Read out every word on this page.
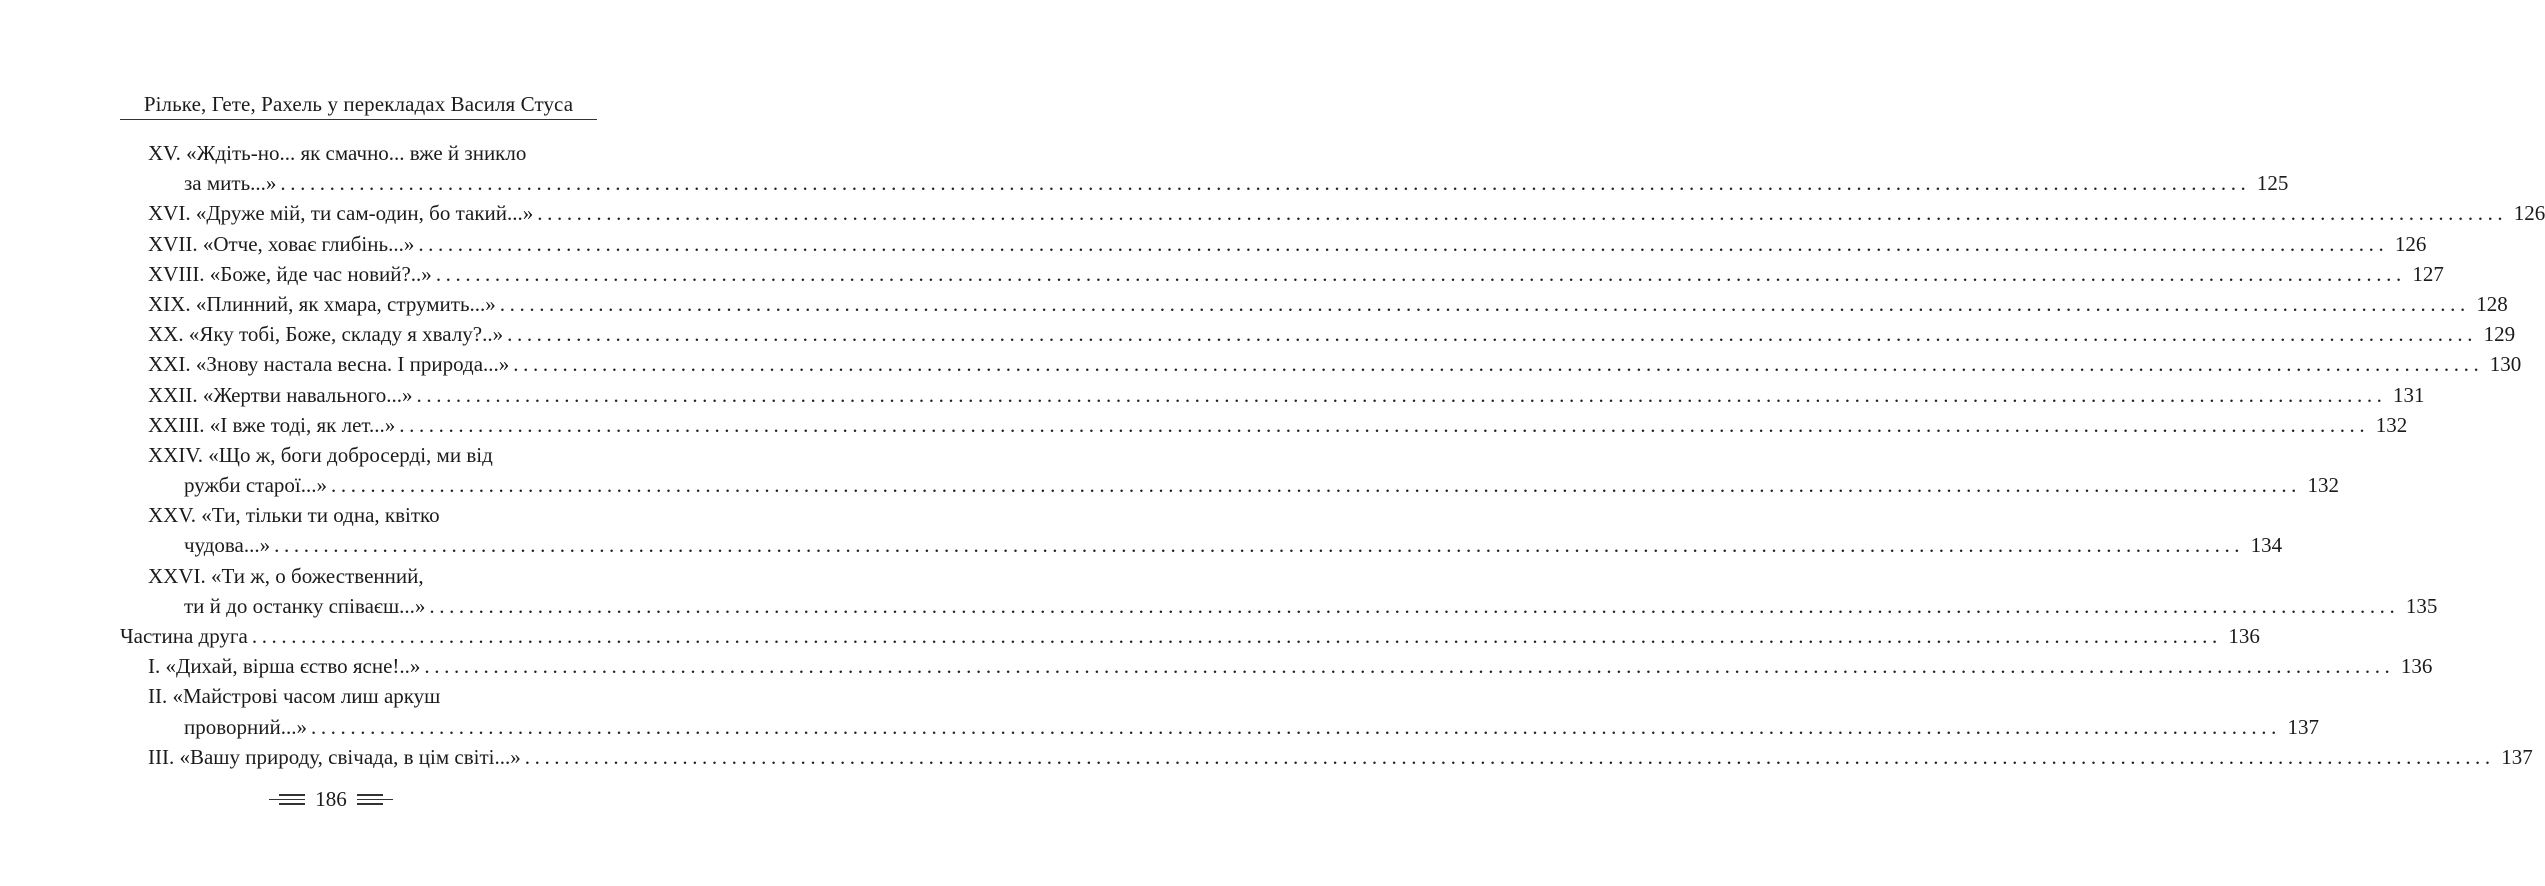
Рільке, Гете, Рахель у перекладах Василя Стуса
XV. «Ждіть-но... як смачно... вже й зникло
за мить...» ........................................................................................................................................................................................................ 125
XVI. «Друже мій, ти сам-один, бо такий...» ........................................................................................................................................................................................................ 126
XVII. «Отче, ховає глибінь...» ........................................................................................................................................................................................................ 126
XVIII. «Боже, йде час новий?..» ........................................................................................................................................................................................................ 127
XIX. «Плинний, як хмара, струмить...» ........................................................................................................................................................................................................ 128
XX. «Яку тобі, Боже, складу я хвалу?..» ........................................................................................................................................................................................................ 129
XXI. «Знову настала весна. І природа...» ........................................................................................................................................................................................................ 130
XXII. «Жертви навального...» ........................................................................................................................................................................................................ 131
XXIII. «І вже тоді, як лет...» ........................................................................................................................................................................................................ 132
XXIV. «Що ж, боги добросерді, ми від
ружби старої...» ........................................................................................................................................................................................................ 132
XXV. «Ти, тільки ти одна, квітко
чудова...» ........................................................................................................................................................................................................ 134
XXVI. «Ти ж, о божественний,
ти й до останку співаєш...» ........................................................................................................................................................................................................ 135
Частина друга ........................................................................................................................................................................................................ 136
І. «Дихай, вірша єство ясне!..» ........................................................................................................................................................................................................ 136
ІІ. «Майстрові часом лиш аркуш
проворний...» ........................................................................................................................................................................................................ 137
ІІІ. «Вашу природу, свічада, в цім світі...» ........................................................................................................................................................................................................ 137
186
